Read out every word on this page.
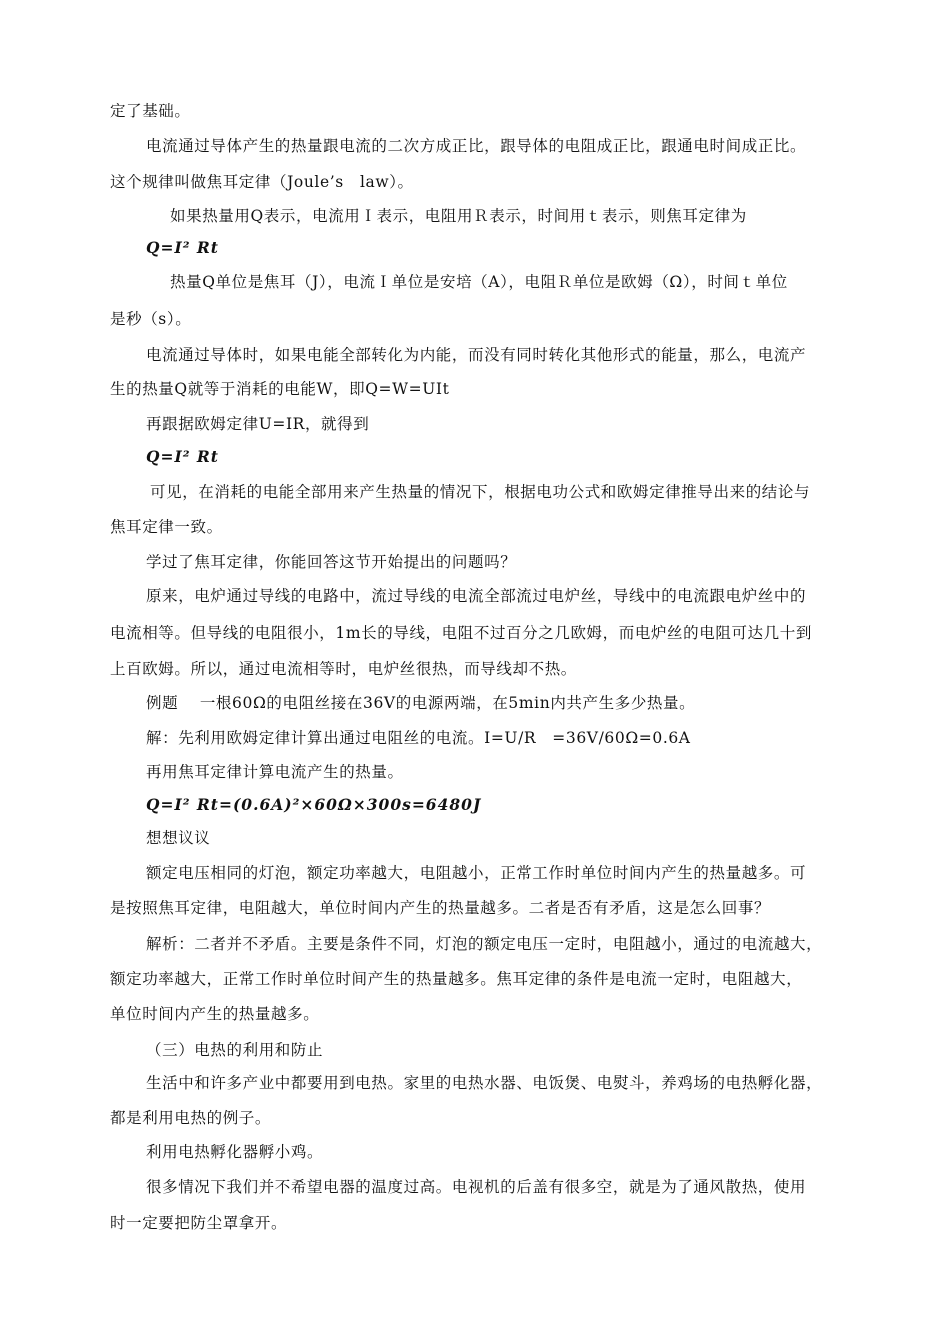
定了基础。
电流通过导体产生的热量跟电流的二次方成正比，跟导体的电阻成正比，跟通电时间成正比。
这个规律叫做焦耳定律（Joule’s　law）。
如果热量用Q表示，电流用Ｉ表示，电阻用Ｒ表示，时间用ｔ表示，则焦耳定律为
Q=I² Rt
热量Q单位是焦耳（J），电流Ｉ单位是安培（A），电阻Ｒ单位是欧姆（Ω），时间ｔ单位
是秒（s）。
电流通过导体时，如果电能全部转化为内能，而没有同时转化其他形式的能量，那么，电流产
生的热量Q就等于消耗的电能W，即Q=W=UIt
再跟据欧姆定律U=IR，就得到
Q=I² Rt
可见，在消耗的电能全部用来产生热量的情况下，根据电功公式和欧姆定律推导出来的结论与
焦耳定律一致。
学过了焦耳定律，你能回答这节开始提出的问题吗？
原来，电炉通过导线的电路中，流过导线的电流全部流过电炉丝，导线中的电流跟电炉丝中的
电流相等。但导线的电阻很小，1m长的导线，电阻不过百分之几欧姆，而电炉丝的电阻可达几十到
上百欧姆。所以，通过电流相等时，电炉丝很热，而导线却不热。
例题　 一根60Ω的电阻丝接在36V的电源两端，在5min内共产生多少热量。
解：先利用欧姆定律计算出通过电阻丝的电流。I=U/R　=36V/60Ω=0.6A
再用焦耳定律计算电流产生的热量。
Q=I² Rt=(0.6A)²×60Ω×300s=6480J
想想议议
额定电压相同的灯泡，额定功率越大，电阻越小，正常工作时单位时间内产生的热量越多。可
是按照焦耳定律，电阻越大，单位时间内产生的热量越多。二者是否有矛盾，这是怎么回事？
解析：二者并不矛盾。主要是条件不同，灯泡的额定电压一定时，电阻越小，通过的电流越大，
额定功率越大，正常工作时单位时间产生的热量越多。焦耳定律的条件是电流一定时，电阻越大，
单位时间内产生的热量越多。
（三）电热的利用和防止
生活中和许多产业中都要用到电热。家里的电热水器、电饭煲、电熨斗，养鸡场的电热孵化器，
都是利用电热的例子。
利用电热孵化器孵小鸡。
很多情况下我们并不希望电器的温度过高。电视机的后盖有很多空，就是为了通风散热，使用
时一定要把防尘罩拿开。
